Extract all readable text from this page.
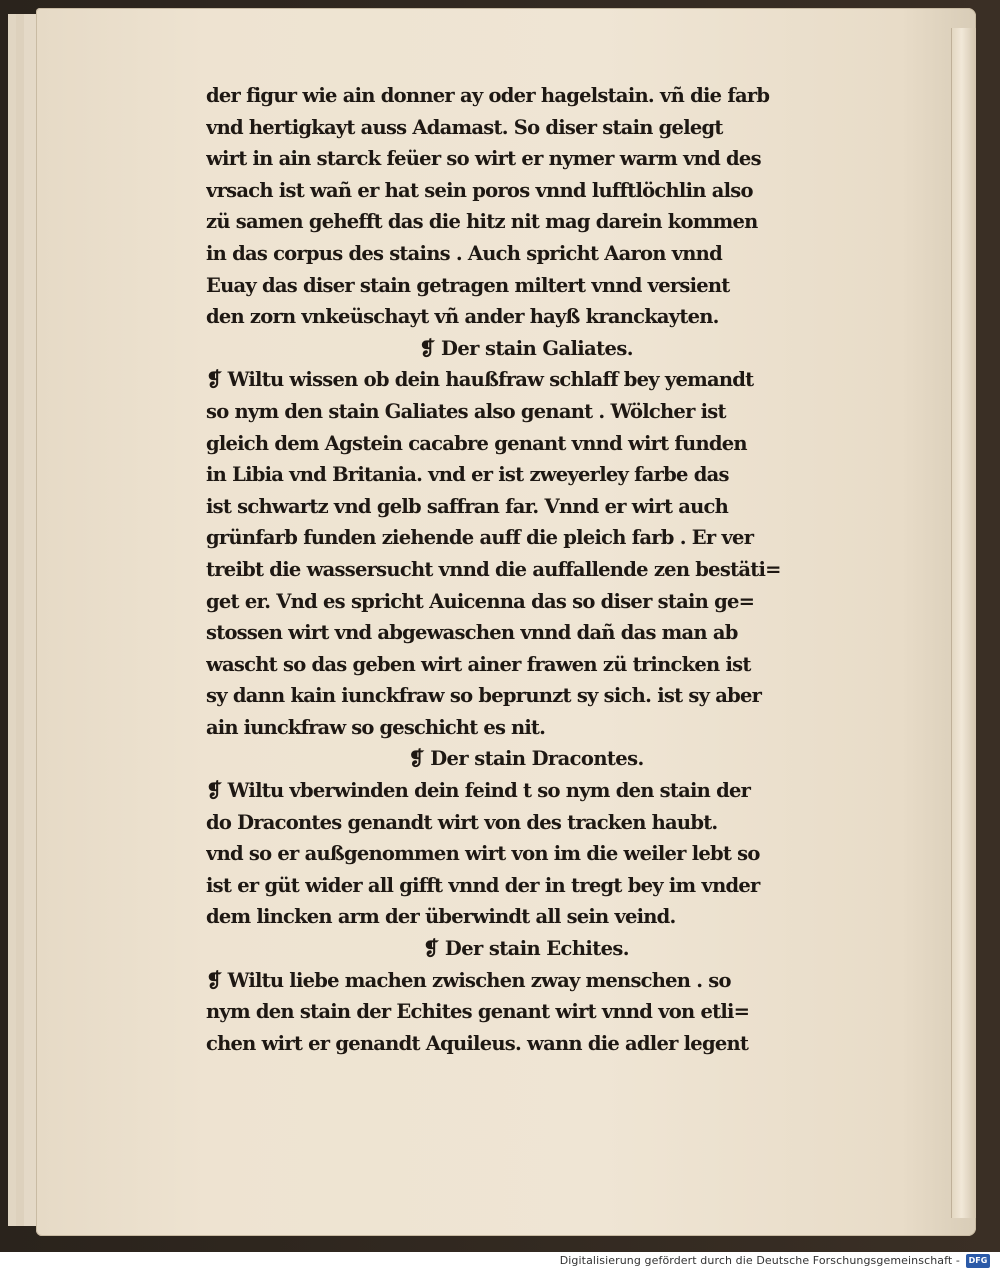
der figur wie ain donner ay oder hagelstain. vñ die farb
vnd hertigkayt auss Adamast. So diser stain gelegt
wirt in ain starck feüer so wirt er nymer warm vnd des
vrsach ist wañ er hat sein poros vnnd lufftlöchlin also
zü samen gehefft das die hitz nit mag darein kommen
in das corpus des stains . Auch spricht Aaron vnnd
Euay das diser stain getragen miltert vnnd versient
den zorn vnkeüschayt vñ ander hayß kranckayten.
❡ Der stain Galiates.
❡ Wiltu wissen ob dein haußfraw schlaff bey yemandt
so nym den stain Galiates also genant . Wölcher ist
gleich dem Agstein cacabre genant vnnd wirt funden
in Libia vnd Britania. vnd er ist zweyerley farbe das
ist schwartz vnd gelb saffran far. Vnnd er wirt auch
grünfarb funden ziehende auff die pleich farb . Er ver
treibt die wassersucht vnnd die auffallende zen bestäti=
get er. Vnd es spricht Auicenna das so diser stain ge=
stossen wirt vnd abgewaschen vnnd dañ das man ab
wascht so das geben wirt ainer frawen zü trincken ist
sy dann kain iunckfraw so beprunzt sy sich. ist sy aber
ain iunckfraw so geschicht es nit.
❡ Der stain Dracontes.
❡ Wiltu vberwinden dein feind t so nym den stain der
do Dracontes genandt wirt von des tracken haubt.
vnd so er außgenommen wirt von im die weiler lebt so
ist er güt wider all gifft vnnd der in tregt bey im vnder
dem lincken arm der überwindt all sein veind.
❡ Der stain Echites.
❡ Wiltu liebe machen zwischen zway menschen . so
nym den stain der Echites genant wirt vnnd von etli=
chen wirt er genandt Aquileus. wann die adler legent
Digitalisierung gefördert durch die Deutsche Forschungsgemeinschaft -	DFG
